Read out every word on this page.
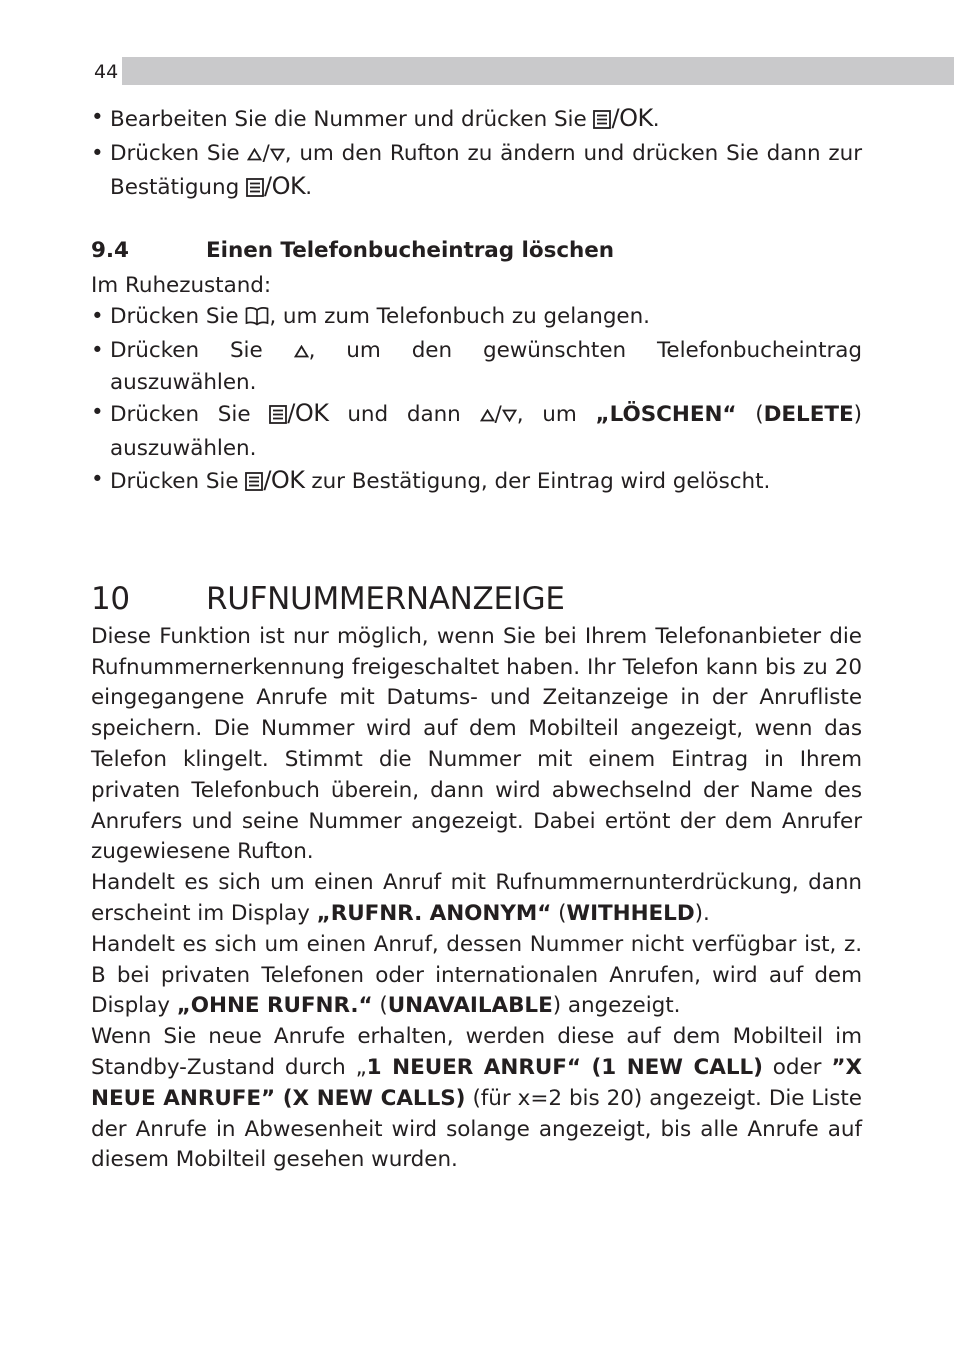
44

• Bearbeiten Sie die Nummer und drücken Sie /OK.

• Drücken Sie / , um den Rufton zu ändern und drücken Sie dann zur Bestätigung /OK.

9.4	Einen Telefonbucheintrag löschen

Im Ruhezustand:

• Drücken Sie , um zum Telefonbuch zu gelangen.

• Drücken Sie , um den gewünschten Telefonbucheintrag auszuwählen.

• Drücken Sie /OK und dann / , um „LÖSCHEN“ (DELETE) auszuwählen.

• Drücken Sie /OK zur Bestätigung, der Eintrag wird gelöscht.

10	RUFNUMMERNANZEIGE

Diese Funktion ist nur möglich, wenn Sie bei Ihrem Telefonanbieter die Rufnummernerkennung freigeschaltet haben. Ihr Telefon kann bis zu 20 eingegangene Anrufe mit Datums- und Zeitanzeige in der Anrufliste speichern. Die Nummer wird auf dem Mobilteil angezeigt, wenn das Telefon klingelt. Stimmt die Nummer mit einem Eintrag in Ihrem privaten Telefonbuch überein, dann wird abwechselnd der Name des Anrufers und seine Nummer angezeigt. Dabei ertönt der dem Anrufer zugewiesene Rufton.

Handelt es sich um einen Anruf mit Rufnummernunterdrückung, dann erscheint im Display „RUFNR. ANONYM“ (WITHHELD).

Handelt es sich um einen Anruf, dessen Nummer nicht verfügbar ist, z. B bei privaten Telefonen oder internationalen Anrufen, wird auf dem Display „OHNE RUFNR.“ (UNAVAILABLE) angezeigt.

Wenn Sie neue Anrufe erhalten, werden diese auf dem Mobilteil im Standby-Zustand durch „1 NEUER ANRUF“ (1 NEW CALL) oder ”X NEUE ANRUFE” (X NEW CALLS) (für x=2 bis 20) angezeigt. Die Liste der Anrufe in Abwesenheit wird solange angezeigt, bis alle Anrufe auf diesem Mobilteil gesehen wurden.
